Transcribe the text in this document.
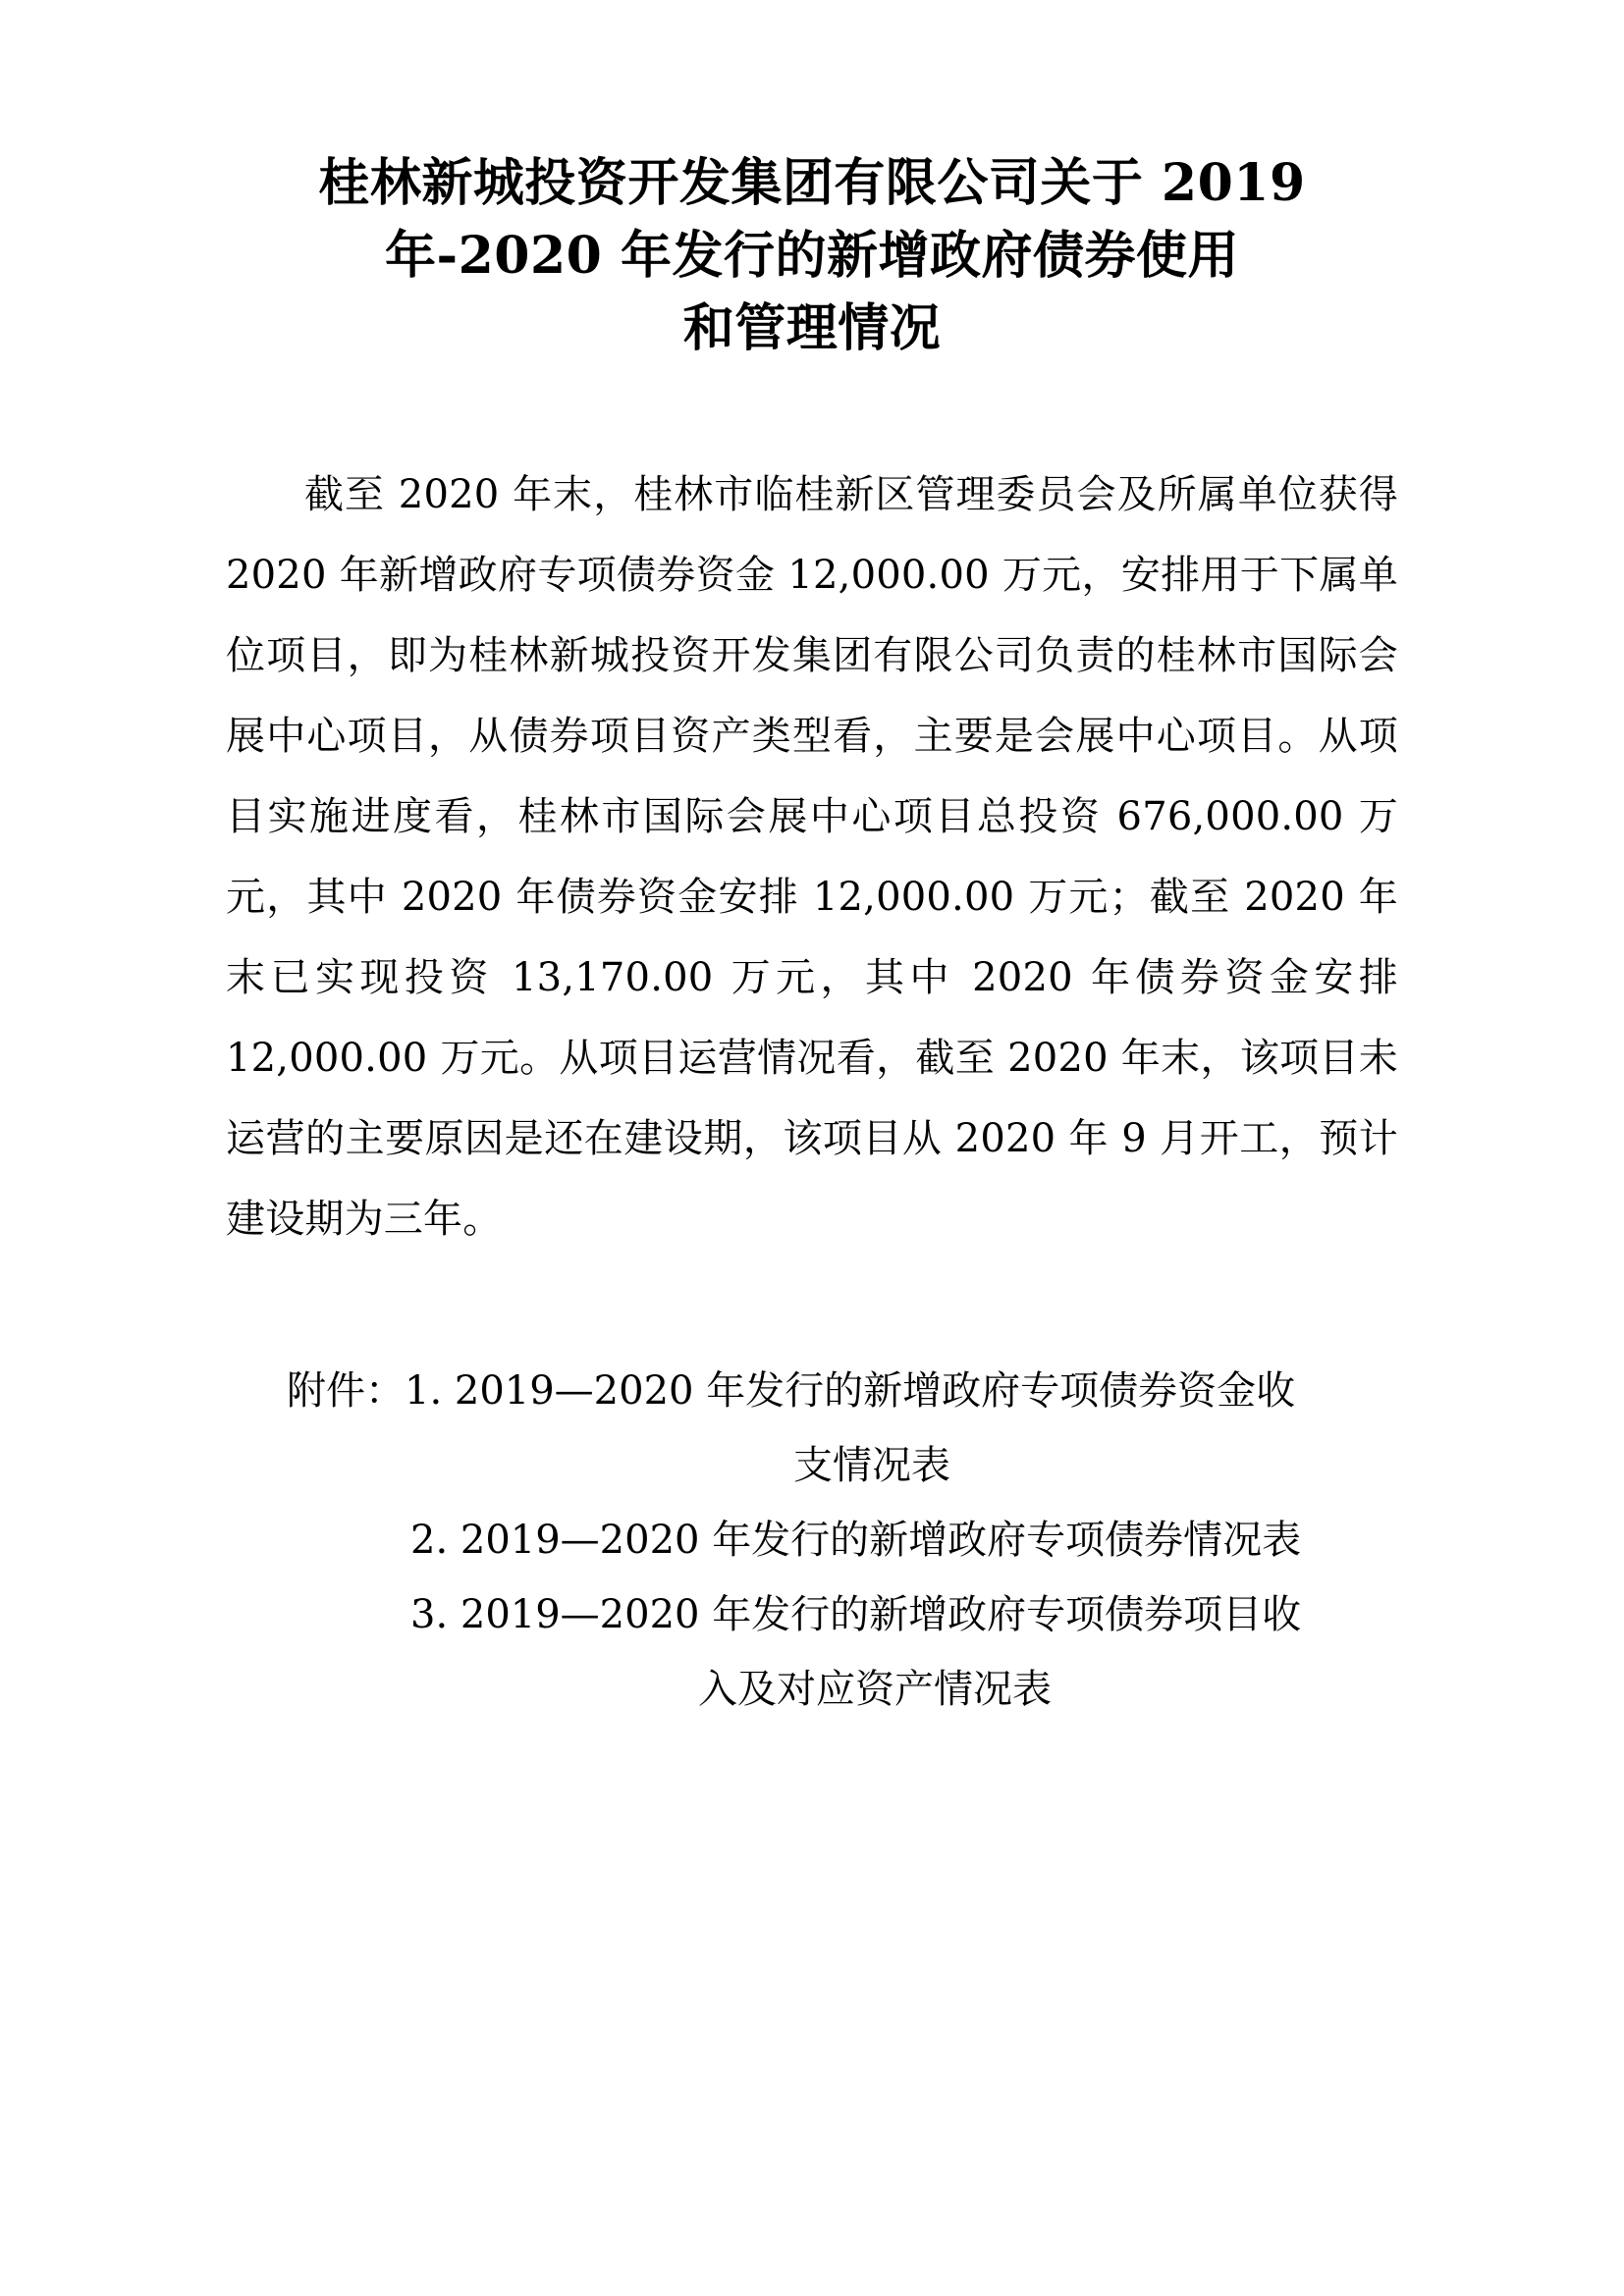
桂林新城投资开发集团有限公司关于 2019
年-2020 年发行的新增政府债券使用
和管理情况

截至 2020 年末，桂林市临桂新区管理委员会及所属单位获得 2020 年新增政府专项债券资金 12,000.00 万元，安排用于下属单位项目，即为桂林新城投资开发集团有限公司负责的桂林市国际会展中心项目，从债券项目资产类型看，主要是会展中心项目。从项目实施进度看，桂林市国际会展中心项目总投资 676,000.00 万元，其中 2020 年债券资金安排 12,000.00 万元；截至 2020 年末已实现投资 13,170.00 万元，其中 2020 年债券资金安排 12,000.00 万元。从项目运营情况看，截至 2020 年末，该项目未运营的主要原因是还在建设期，该项目从 2020 年 9 月开工，预计建设期为三年。

附件： 1. 2019—2020 年发行的新增政府专项债券资金收
支情况表
2. 2019—2020 年发行的新增政府专项债券情况表
3. 2019—2020 年发行的新增政府专项债券项目收
入及对应资产情况表
